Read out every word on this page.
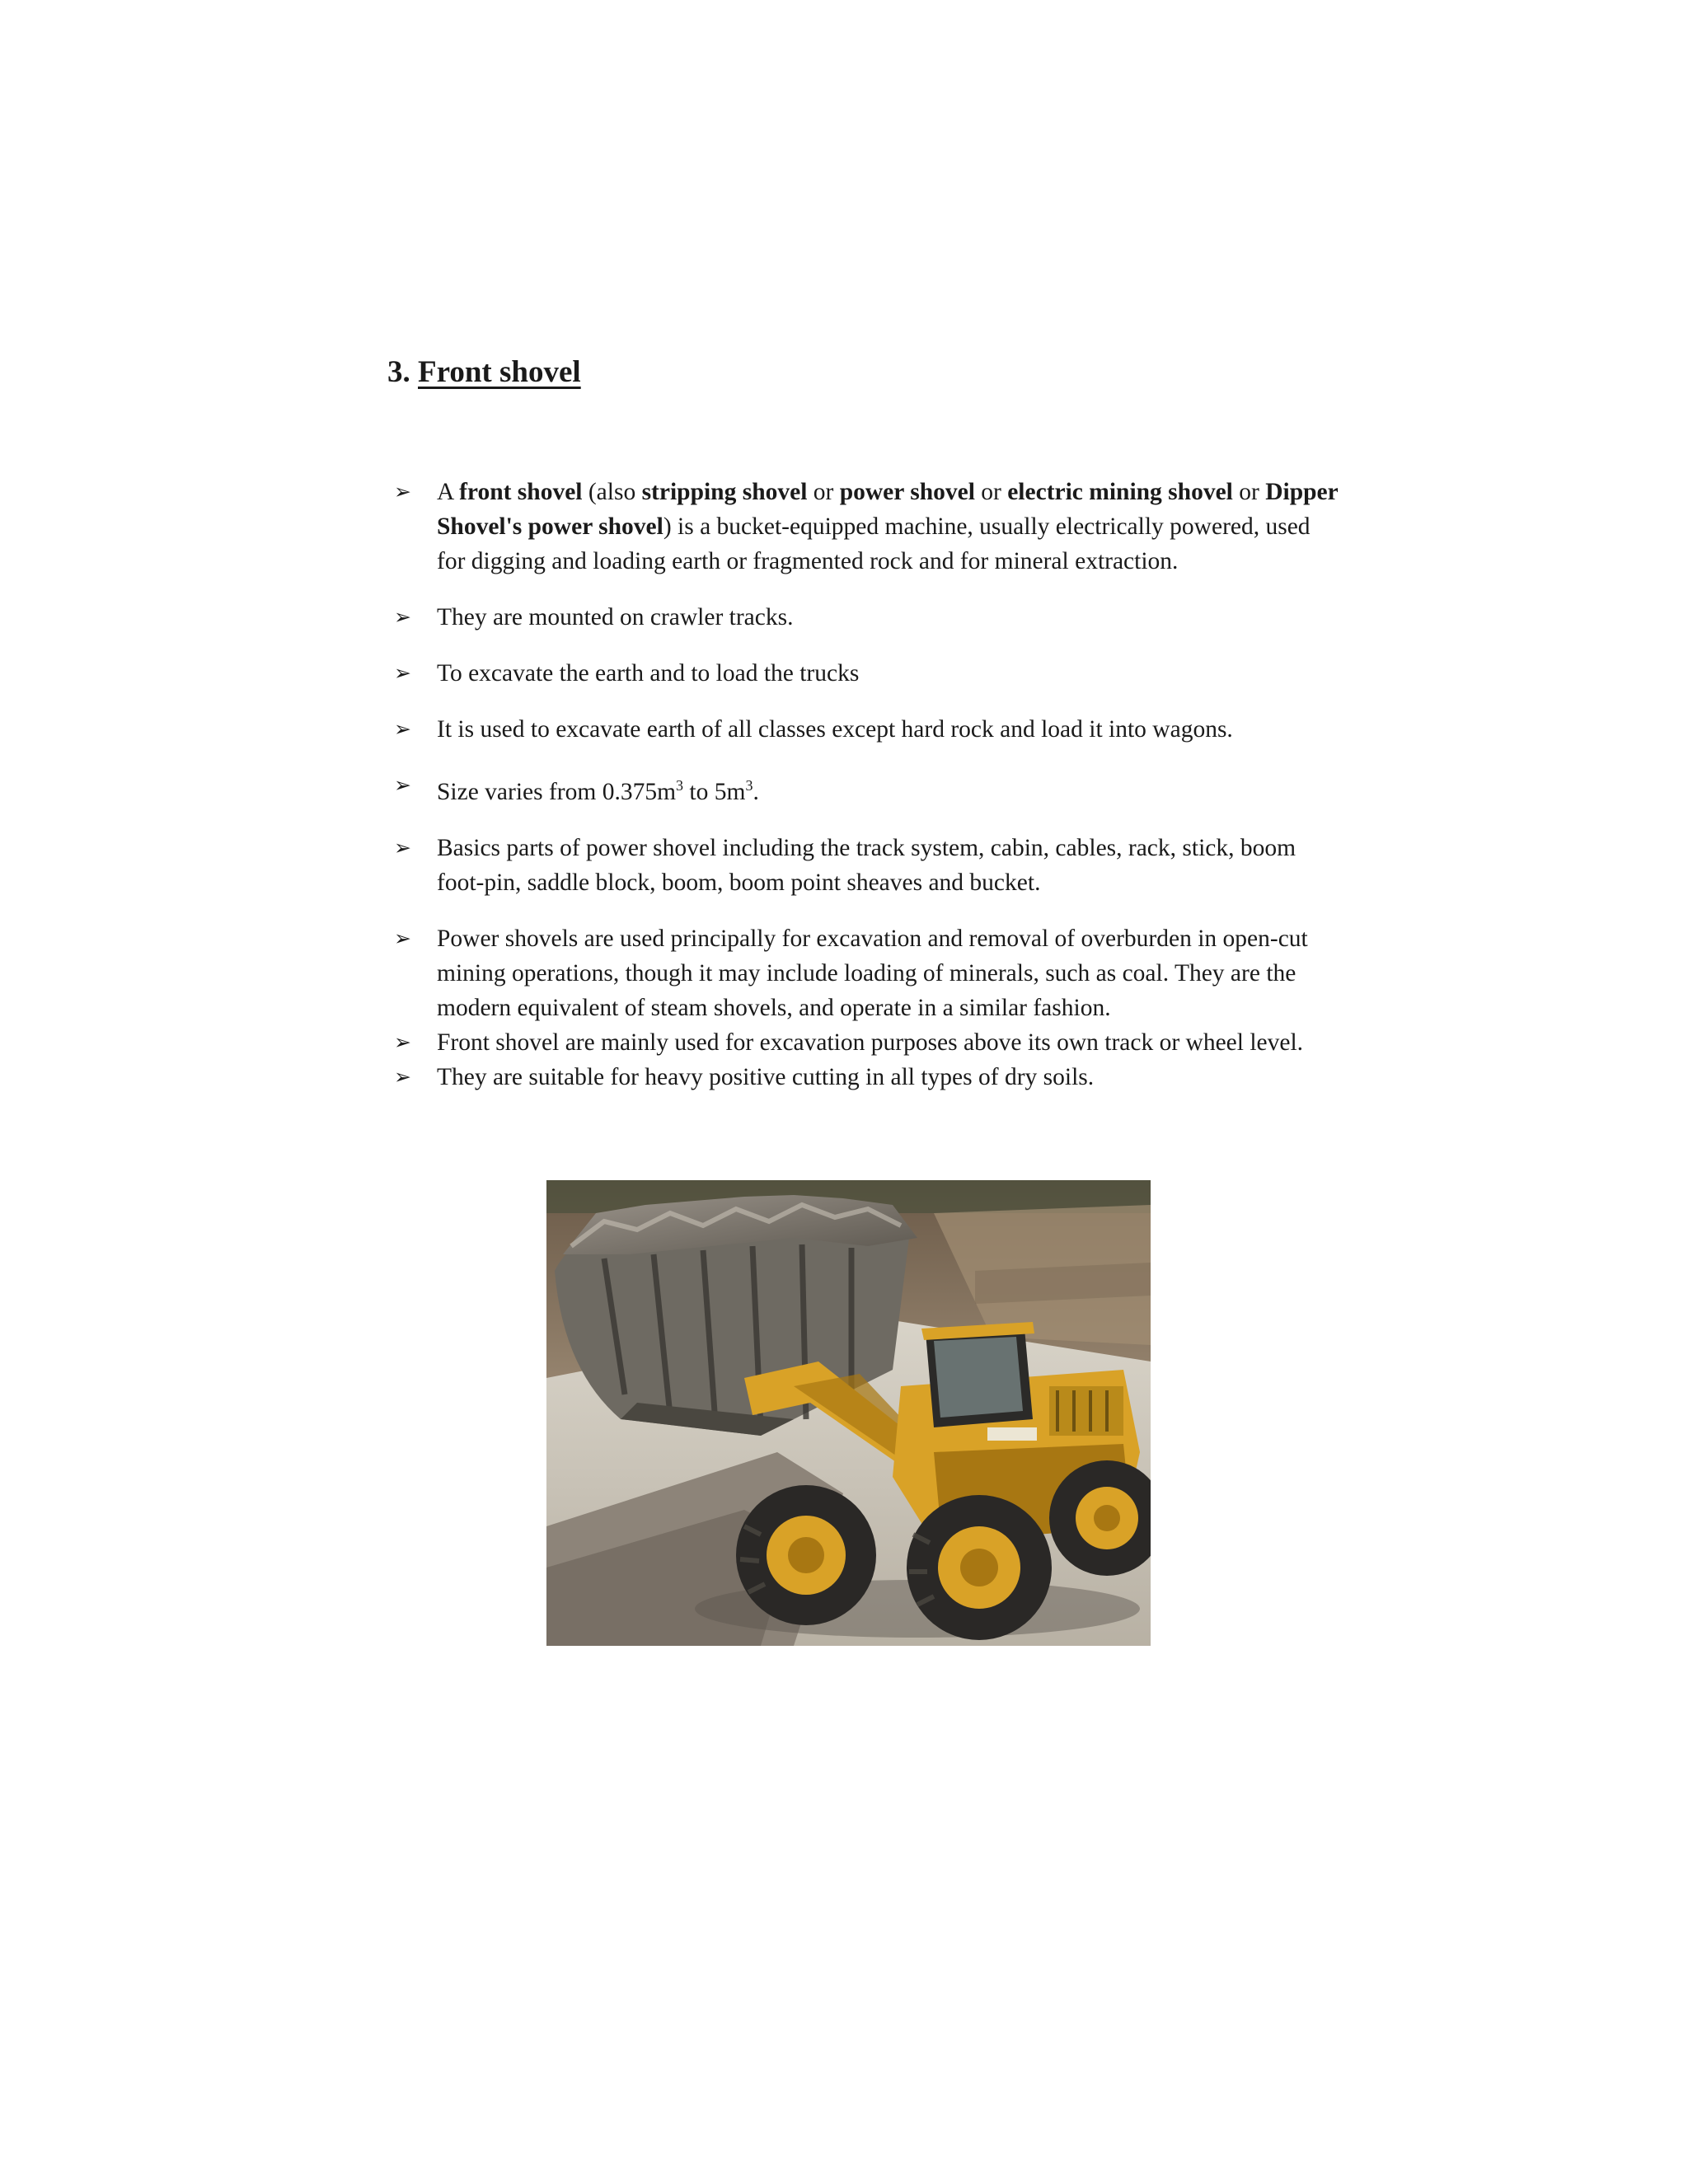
3. Front shovel
➢ A front shovel (also stripping shovel or power shovel or electric mining shovel or Dipper Shovel's power shovel) is a bucket-equipped machine, usually electrically powered, used for digging and loading earth or fragmented rock and for mineral extraction.
➢ They are mounted on crawler tracks.
➢ To excavate the earth and to load the trucks
➢ It is used to excavate earth of all classes except hard rock and load it into wagons.
➢ Size varies from $0.375m^3$ to $5m^3$.
➢ Basics parts of power shovel including the track system, cabin, cables, rack, stick, boom foot-pin, saddle block, boom, boom point sheaves and bucket.
➢ Power shovels are used principally for excavation and removal of overburden in open-cut mining operations, though it may include loading of minerals, such as coal. They are the modern equivalent of steam shovels, and operate in a similar fashion.
➢ Front shovel are mainly used for excavation purposes above its own track or wheel level.
➢ They are suitable for heavy positive cutting in all types of dry soils.
